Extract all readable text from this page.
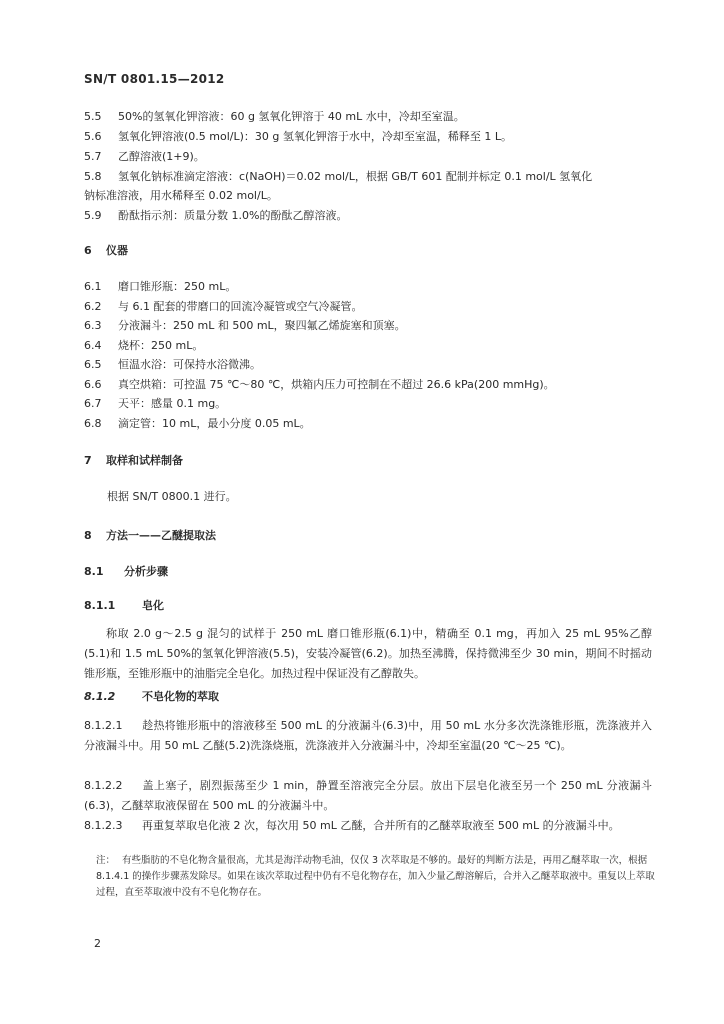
SN/T 0801.15—2012
5.5 50%的氢氧化钾溶液：60 g 氢氧化钾溶于 40 mL 水中，冷却至室温。
5.6 氢氧化钾溶液(0.5 mol/L)：30 g 氢氧化钾溶于水中，冷却至室温，稀释至 1 L。
5.7 乙醇溶液(1+9)。
5.8 氢氧化钠标准滴定溶液：c(NaOH)＝0.02 mol/L，根据 GB/T 601 配制并标定 0.1 mol/L 氢氧化
钠标准溶液，用水稀释至 0.02 mol/L。
5.9 酚酞指示剂：质量分数 1.0%的酚酞乙醇溶液。
6 仪器
6.1 磨口锥形瓶：250 mL。
6.2 与 6.1 配套的带磨口的回流冷凝管或空气冷凝管。
6.3 分液漏斗：250 mL 和 500 mL，聚四氟乙烯旋塞和顶塞。
6.4 烧杯：250 mL。
6.5 恒温水浴：可保持水浴微沸。
6.6 真空烘箱：可控温 75 ℃～80 ℃，烘箱内压力可控制在不超过 26.6 kPa(200 mmHg)。
6.7 天平：感量 0.1 mg。
6.8 滴定管：10 mL，最小分度 0.05 mL。
7 取样和试样制备
根据 SN/T 0800.1 进行。
8 方法一——乙醚提取法
8.1 分析步骤
8.1.1 皂化
称取 2.0 g～2.5 g 混匀的试样于 250 mL 磨口锥形瓶(6.1)中，精确至 0.1 mg，再加入 25 mL 95%乙醇(5.1)和 1.5 mL 50%的氢氧化钾溶液(5.5)，安装冷凝管(6.2)。加热至沸腾，保持微沸至少 30 min，期间不时摇动锥形瓶，至锥形瓶中的油脂完全皂化。加热过程中保证没有乙醇散失。
8.1.2 不皂化物的萃取
8.1.2.1 趁热将锥形瓶中的溶液移至 500 mL 的分液漏斗(6.3)中，用 50 mL 水分多次洗涤锥形瓶，洗涤液并入分液漏斗中。用 50 mL 乙醚(5.2)洗涤烧瓶，洗涤液并入分液漏斗中，冷却至室温(20 ℃～25 ℃)。
8.1.2.2 盖上塞子，剧烈振荡至少 1 min，静置至溶液完全分层。放出下层皂化液至另一个 250 mL 分液漏斗(6.3)，乙醚萃取液保留在 500 mL 的分液漏斗中。
8.1.2.3 再重复萃取皂化液 2 次，每次用 50 mL 乙醚，合并所有的乙醚萃取液至 500 mL 的分液漏斗中。
注： 有些脂肪的不皂化物含量很高，尤其是海洋动物毛油，仅仅 3 次萃取是不够的。最好的判断方法是，再用乙醚萃取一次，根据 8.1.4.1 的操作步骤蒸发除尽。如果在该次萃取过程中仍有不皂化物存在，加入少量乙醇溶解后，合并入乙醚萃取液中。重复以上萃取过程，直至萃取液中没有不皂化物存在。
2
